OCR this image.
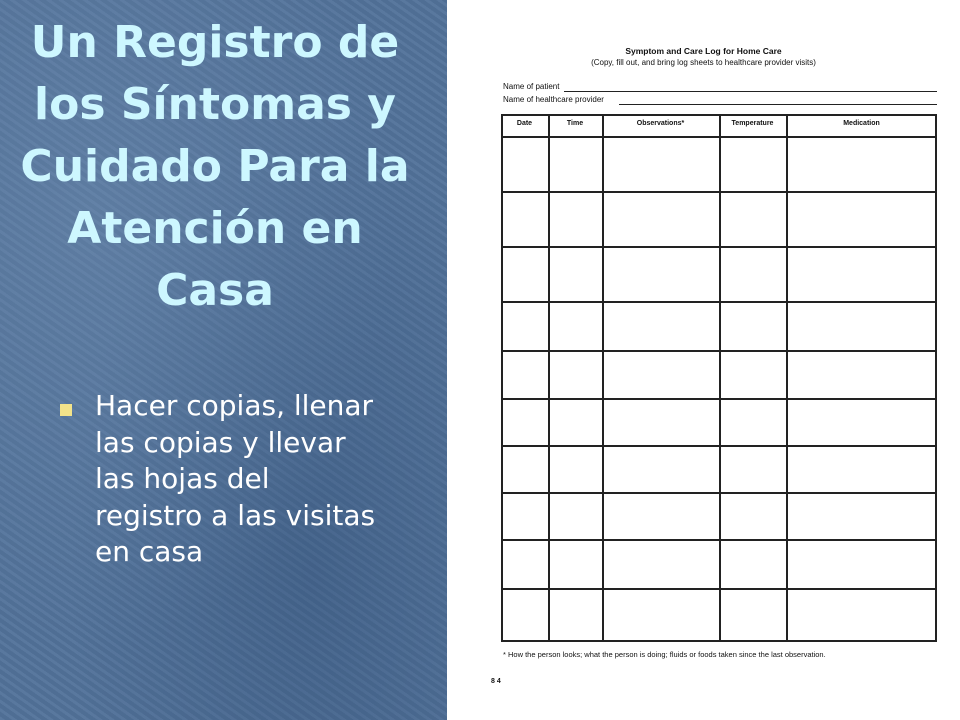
Un Registro de los Síntomas y Cuidado Para la Atención en Casa
Hacer copias, llenar las copias y llevar las hojas del registro a las visitas en casa
Symptom and Care Log for Home Care
(Copy, fill out, and bring log sheets to healthcare provider visits)
Name of patient
Name of healthcare provider
Date	Time	Observations*	Temperature	Medication
* How the person looks; what the person is doing; fluids or foods taken since the last observation.
8 4
